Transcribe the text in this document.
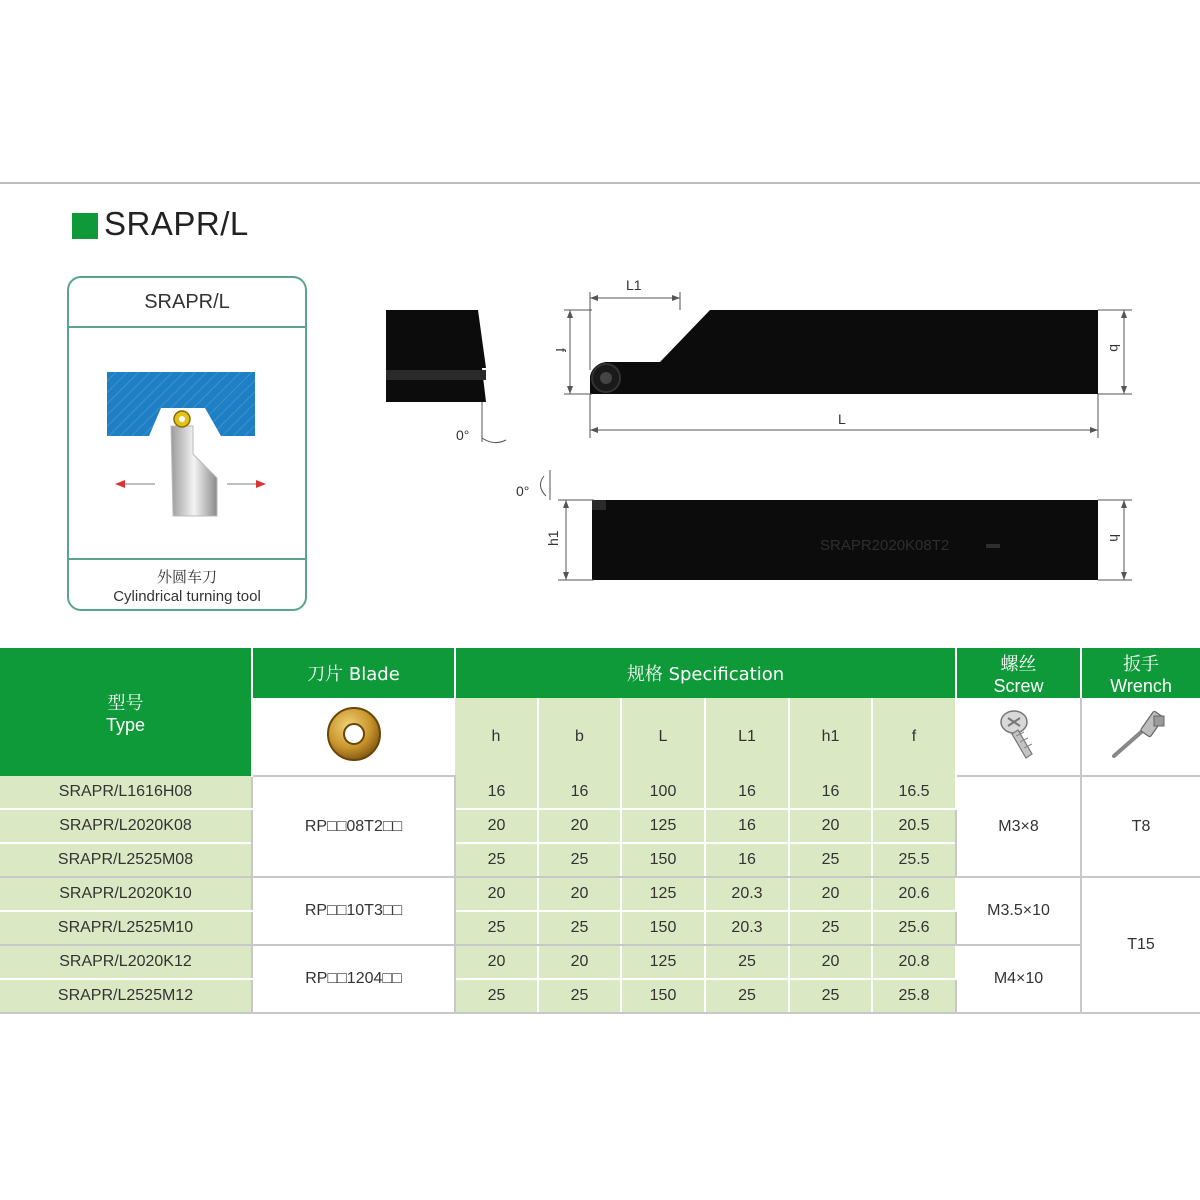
SRAPR/L
SRAPR/L
外圆车刀
Cylindrical turning tool
0°
L1
f	b
L
SRAPR2020K08T2
0°
h1	h
型号
Type	刀片 Blade	规格 Specification						螺丝
Screw	扳手
Wrench

	h	b	L	L1	h1	f		
SRAPR/L1616H08	RP□□08T2□□	16	16	100	16	16	16.5	M3×8	T8
SRAPR/L2020K08		20	20	125	16	20	20.5		
SRAPR/L2525M08		25	25	150	16	25	25.5		
SRAPR/L2020K10	RP□□10T3□□	20	20	125	20.3	20	20.6	M3.5×10	T15
SRAPR/L2525M10		25	25	150	20.3	25	25.6		
SRAPR/L2020K12	RP□□1204□□	20	20	125	25	20	20.8	M4×10	
SRAPR/L2525M12		25	25	150	25	25	25.8		
